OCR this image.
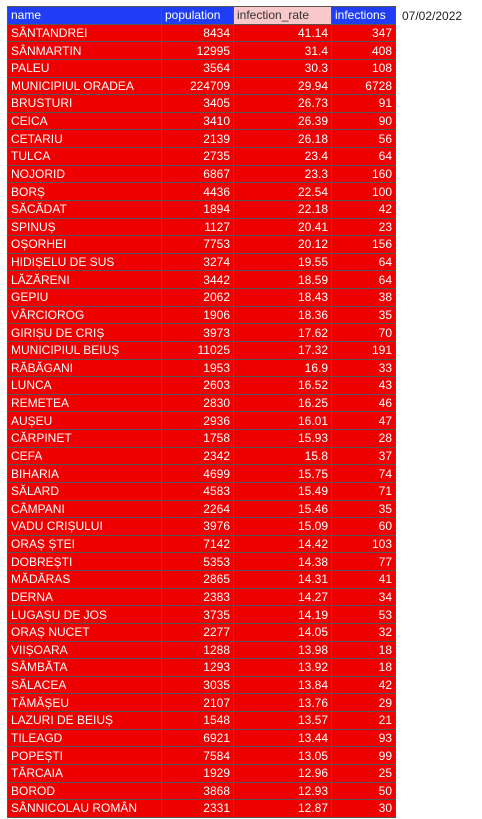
name	population	infection_rate	infections
SÂNTANDREI	8434	41.14	347
SÂNMARTIN	12995	31.4	408
PALEU	3564	30.3	108
MUNICIPIUL ORADEA	224709	29.94	6728
BRUSTURI	3405	26.73	91
CEICA	3410	26.39	90
CETARIU	2139	26.18	56
TULCA	2735	23.4	64
NOJORID	6867	23.3	160
BORȘ	4436	22.54	100
SĂCĂDAT	1894	22.18	42
SPINUȘ	1127	20.41	23
OȘORHEI	7753	20.12	156
HIDIȘELU DE SUS	3274	19.55	64
LĂZĂRENI	3442	18.59	64
GEPIU	2062	18.43	38
VÂRCIOROG	1906	18.36	35
GIRIȘU DE CRIȘ	3973	17.62	70
MUNICIPIUL BEIUȘ	11025	17.32	191
RĂBĂGANI	1953	16.9	33
LUNCA	2603	16.52	43
REMETEA	2830	16.25	46
AUȘEU	2936	16.01	47
CĂRPINET	1758	15.93	28
CEFA	2342	15.8	37
BIHARIA	4699	15.75	74
SĂLARD	4583	15.49	71
CÂMPANI	2264	15.46	35
VADU CRIȘULUI	3976	15.09	60
ORAȘ ȘTEI	7142	14.42	103
DOBREȘTI	5353	14.38	77
MĂDĂRAS	2865	14.31	41
DERNA	2383	14.27	34
LUGAȘU DE JOS	3735	14.19	53
ORAȘ NUCET	2277	14.05	32
VIIȘOARA	1288	13.98	18
SÂMBĂTA	1293	13.92	18
SĂLACEA	3035	13.84	42
TĂMĂȘEU	2107	13.76	29
LAZURI DE BEIUȘ	1548	13.57	21
TILEAGD	6921	13.44	93
POPEȘTI	7584	13.05	99
TĂRCAIA	1929	12.96	25
BOROD	3868	12.93	50
SÂNNICOLAU ROMÂN	2331	12.87	30
07/02/2022
